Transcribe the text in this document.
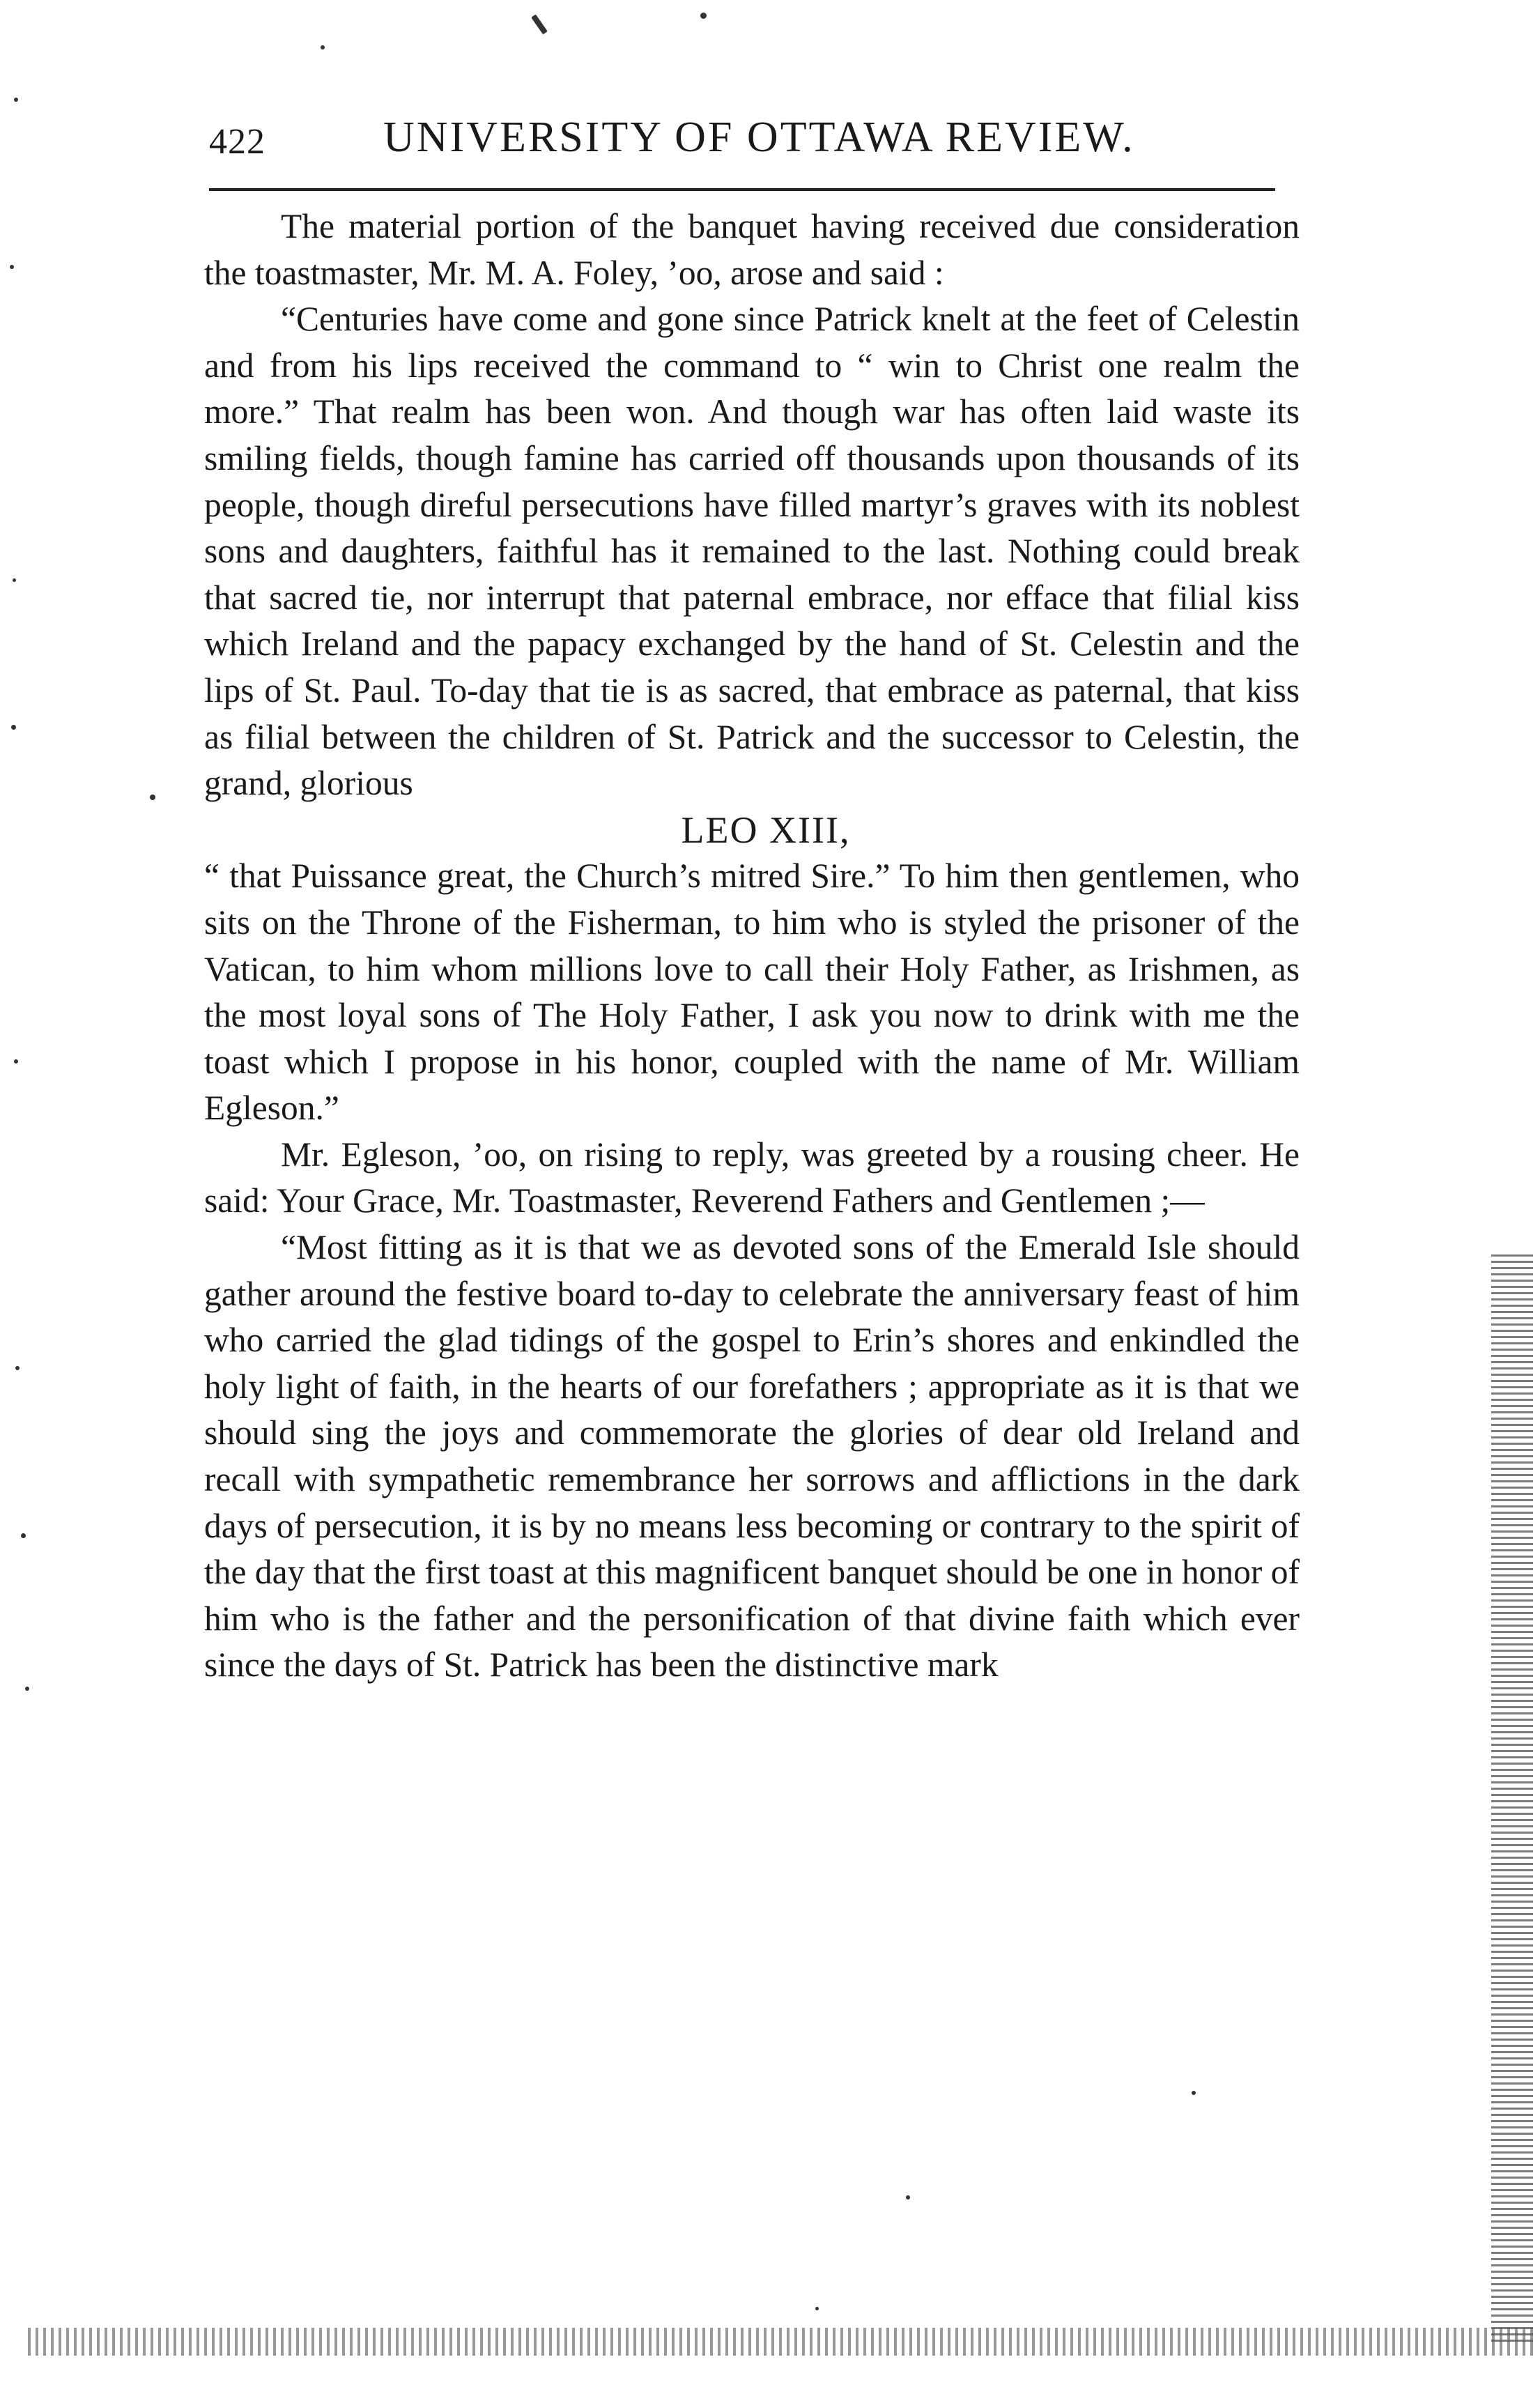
422	UNIVERSITY OF OTTAWA REVIEW.

The material portion of the banquet having received due consideration the toastmaster, Mr. M. A. Foley, ’oo, arose and said :

“Centuries have come and gone since Patrick knelt at the feet of Celestin and from his lips received the command to “ win to Christ one realm the more.” That realm has been won. And though war has often laid waste its smiling fields, though famine has carried off thousands upon thousands of its people, though direful persecutions have filled martyr’s graves with its noblest sons and daughters, faithful has it remained to the last. Nothing could break that sacred tie, nor interrupt that paternal embrace, nor efface that filial kiss which Ireland and the papacy exchanged by the hand of St. Celestin and the lips of St. Paul. To-day that tie is as sacred, that embrace as paternal, that kiss as filial between the children of St. Patrick and the successor to Celestin, the grand, glorious

LEO XIII,

“ that Puissance great, the Church’s mitred Sire.” To him then gentlemen, who sits on the Throne of the Fisherman, to him who is styled the prisoner of the Vatican, to him whom millions love to call their Holy Father, as Irishmen, as the most loyal sons of The Holy Father, I ask you now to drink with me the toast which I propose in his honor, coupled with the name of Mr. William Egleson.”

Mr. Egleson, ’oo, on rising to reply, was greeted by a rousing cheer. He said: Your Grace, Mr. Toastmaster, Reverend Fathers and Gentlemen ;—

“Most fitting as it is that we as devoted sons of the Emerald Isle should gather around the festive board to-day to celebrate the anniversary feast of him who carried the glad tidings of the gospel to Erin’s shores and enkindled the holy light of faith, in the hearts of our forefathers ; appropriate as it is that we should sing the joys and commemorate the glories of dear old Ireland and recall with sympathetic remembrance her sorrows and afflictions in the dark days of persecution, it is by no means less becoming or contrary to the spirit of the day that the first toast at this magnificent banquet should be one in honor of him who is the father and the personification of that divine faith which ever since the days of St. Patrick has been the distinctive mark
